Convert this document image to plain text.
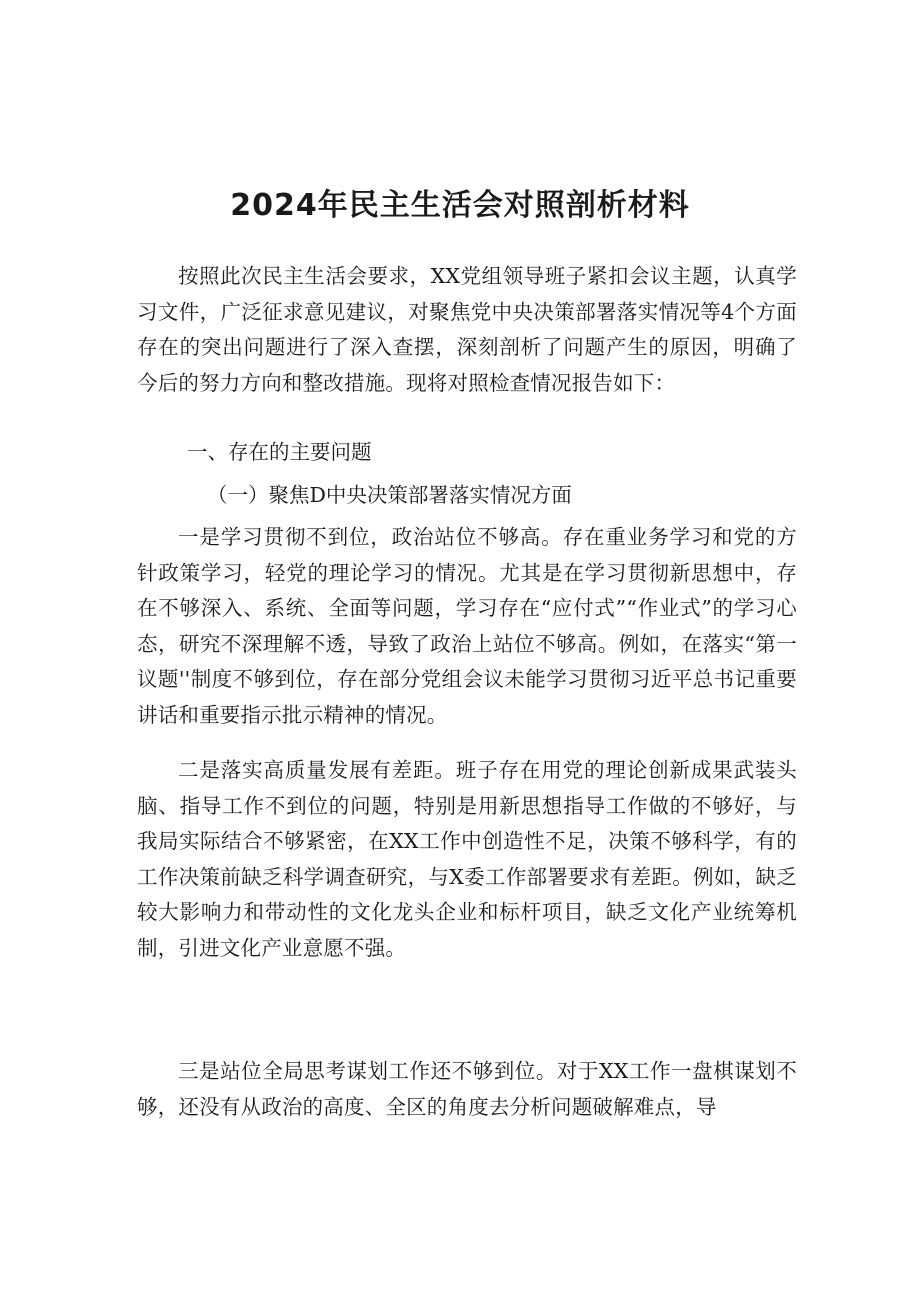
2024年民主生活会对照剖析材料

按照此次民主生活会要求，XX党组领导班子紧扣会议主题，认真学习文件，广泛征求意见建议，对聚焦党中央决策部署落实情况等4个方面存在的突出问题进行了深入查摆，深刻剖析了问题产生的原因，明确了今后的努力方向和整改措施。现将对照检查情况报告如下：

一、存在的主要问题

（一）聚焦D中央决策部署落实情况方面

一是学习贯彻不到位，政治站位不够高。存在重业务学习和党的方针政策学习，轻党的理论学习的情况。尤其是在学习贯彻新思想中，存在不够深入、系统、全面等问题，学习存在“应付式”“作业式”的学习心态，研究不深理解不透，导致了政治上站位不够高。例如，在落实“第一议题''制度不够到位，存在部分党组会议未能学习贯彻习近平总书记重要讲话和重要指示批示精神的情况。

二是落实高质量发展有差距。班子存在用党的理论创新成果武装头脑、指导工作不到位的问题，特别是用新思想指导工作做的不够好，与我局实际结合不够紧密，在XX工作中创造性不足，决策不够科学，有的工作决策前缺乏科学调查研究，与X委工作部署要求有差距。例如，缺乏较大影响力和带动性的文化龙头企业和标杆项目，缺乏文化产业统筹机制，引进文化产业意愿不强。

三是站位全局思考谋划工作还不够到位。对于XX工作一盘棋谋划不够，还没有从政治的高度、全区的角度去分析问题破解难点，导
